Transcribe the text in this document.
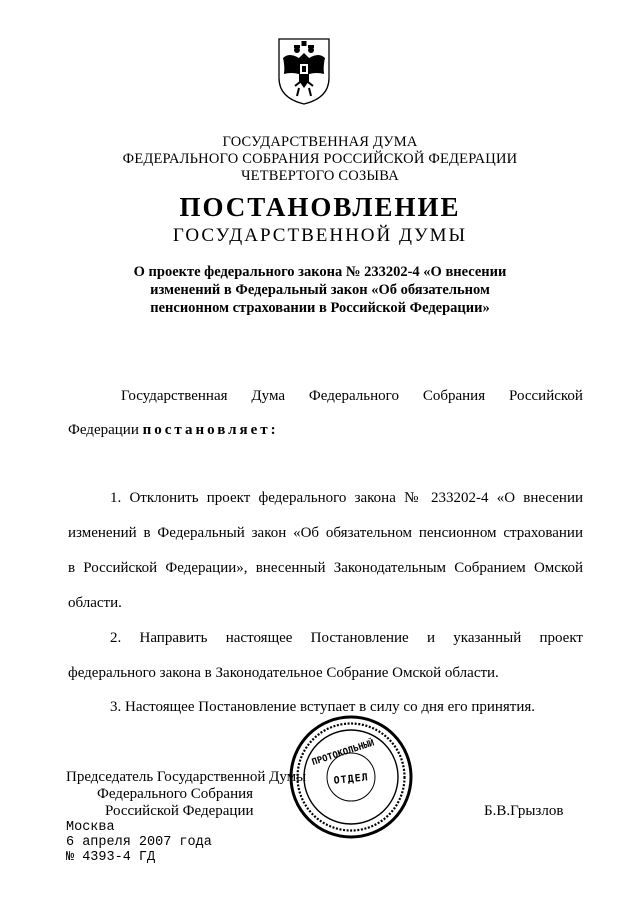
ГОСУДАРСТВЕННАЯ ДУМА
ФЕДЕРАЛЬНОГО СОБРАНИЯ РОССИЙСКОЙ ФЕДЕРАЦИИ
ЧЕТВЕРТОГО СОЗЫВА
ПОСТАНОВЛЕНИЕ
ГОСУДАРСТВЕННОЙ ДУМЫ
О проекте федерального закона № 233202-4 «О внесении
изменений в Федеральный закон «Об обязательном
пенсионном страховании в Российской Федерации»
Государственная Дума Федерального Собрания Российской
Федерации постановляет:
1. Отклонить проект федерального закона № 233202-4 «О внесении
изменений в Федеральный закон «Об обязательном пенсионном страховании
в Российской Федерации», внесенный Законодательным Собранием Омской
области.
2. Направить настоящее Постановление и указанный проект
федерального закона в Законодательное Собрание Омской области.
3. Настоящее Постановление вступает в силу со дня его принятия.
Председатель Государственной Думы
Федерального Собрания
Российской Федерации	Б.В.Грызлов
Москва
6 апреля 2007 года
№ 4393-4 ГД
ОТДЕЛ
ПРОТОКОЛЬНЫЙ
